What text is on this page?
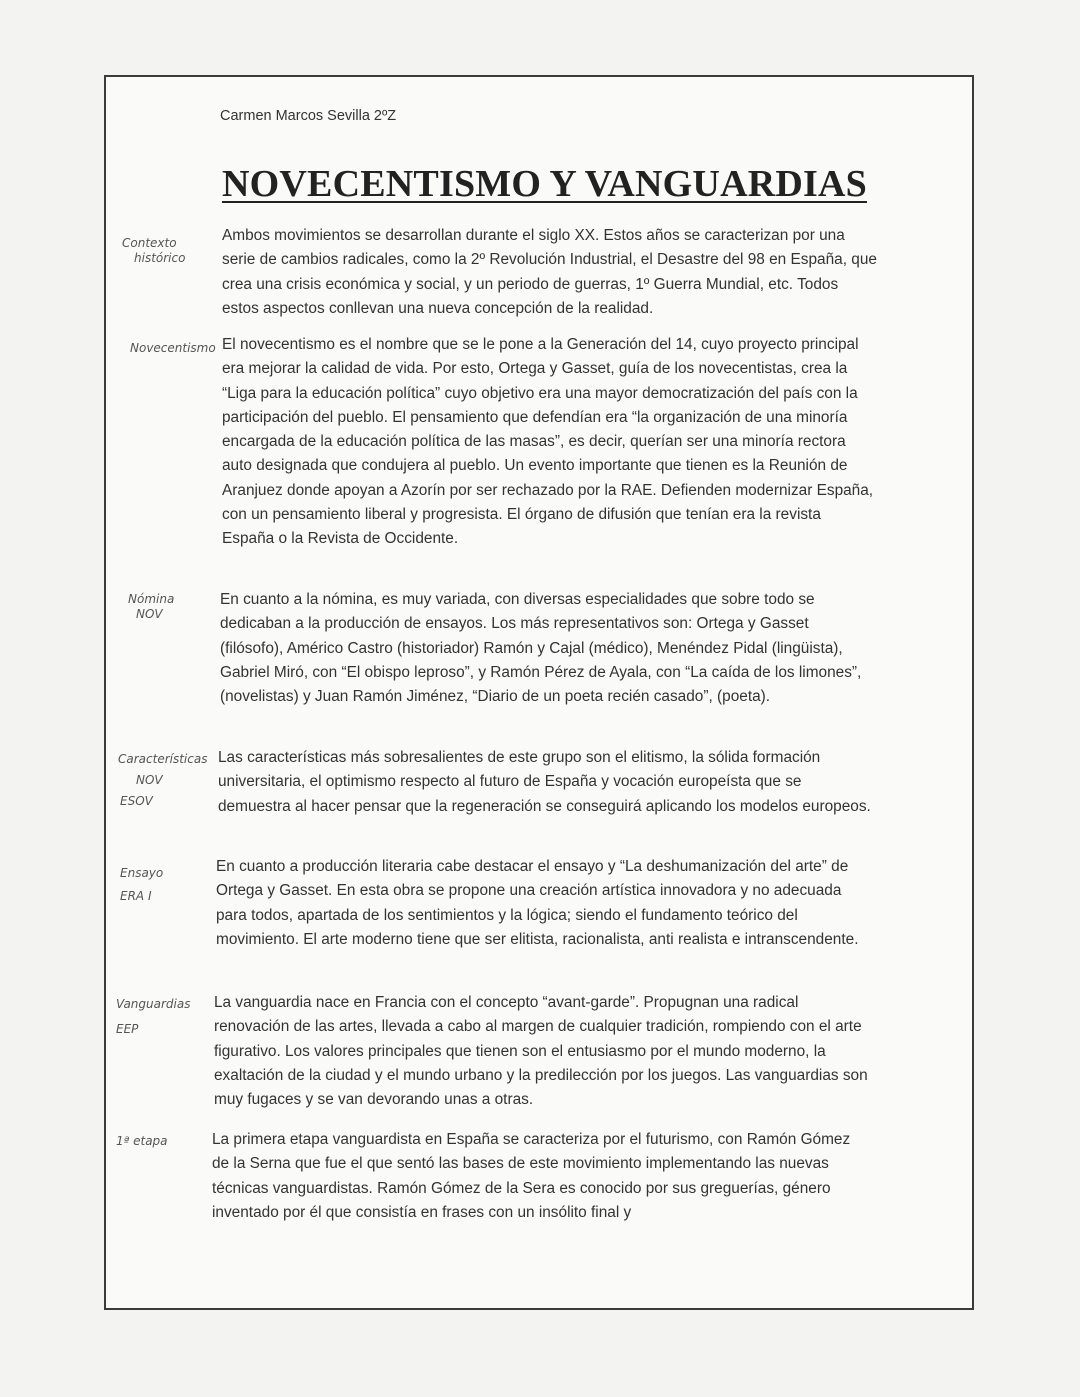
Carmen Marcos Sevilla 2ºZ
NOVECENTISMO Y VANGUARDIAS
Contexto
histórico
Novecentismo
Nómina
NOV
Características
NOV
ESOV
Ensayo
ERA I
Vanguardias
EEP
1ª etapa

Ambos movimientos se desarrollan durante el siglo XX. Estos años se caracterizan por una serie de cambios radicales, como la 2º Revolución Industrial, el Desastre del 98 en España, que crea una crisis económica y social, y un periodo de guerras, 1º Guerra Mundial, etc. Todos estos aspectos conllevan una nueva concepción de la realidad.

El novecentismo es el nombre que se le pone a la Generación del 14, cuyo proyecto principal era mejorar la calidad de vida. Por esto, Ortega y Gasset, guía de los novecentistas, crea la “Liga para la educación política” cuyo objetivo era una mayor democratización del país con la participación del pueblo. El pensamiento que defendían era “la organización de una minoría encargada de la educación política de las masas”, es decir, querían ser una minoría rectora auto designada que condujera al pueblo. Un evento importante que tienen es la Reunión de Aranjuez donde apoyan a Azorín por ser rechazado por la RAE. Defienden modernizar España, con un pensamiento liberal y progresista. El órgano de difusión que tenían era la revista España o la Revista de Occidente.

En cuanto a la nómina, es muy variada, con diversas especialidades que sobre todo se dedicaban a la producción de ensayos. Los más representativos son: Ortega y Gasset (filósofo), Américo Castro (historiador) Ramón y Cajal (médico), Menéndez Pidal (lingüista), Gabriel Miró, con “El obispo leproso”, y Ramón Pérez de Ayala, con “La caída de los limones”, (novelistas) y Juan Ramón Jiménez, “Diario de un poeta recién casado”, (poeta).

Las características más sobresalientes de este grupo son el elitismo, la sólida formación universitaria, el optimismo respecto al futuro de España y vocación europeísta que se demuestra al hacer pensar que la regeneración se conseguirá aplicando los modelos europeos.

En cuanto a producción literaria cabe destacar el ensayo y “La deshumanización del arte” de Ortega y Gasset. En esta obra se propone una creación artística innovadora y no adecuada para todos, apartada de los sentimientos y la lógica; siendo el fundamento teórico del movimiento. El arte moderno tiene que ser elitista, racionalista, anti realista e intranscendente.

La vanguardia nace en Francia con el concepto “avant-garde”. Propugnan una radical renovación de las artes, llevada a cabo al margen de cualquier tradición, rompiendo con el arte figurativo. Los valores principales que tienen son el entusiasmo por el mundo moderno, la exaltación de la ciudad y el mundo urbano y la predilección por los juegos. Las vanguardias son muy fugaces y se van devorando unas a otras.

La primera etapa vanguardista en España se caracteriza por el futurismo, con Ramón Gómez de la Serna que fue el que sentó las bases de este movimiento implementando las nuevas técnicas vanguardistas. Ramón Gómez de la Sera es conocido por sus greguerías, género inventado por él que consistía en frases con un insólito final y
